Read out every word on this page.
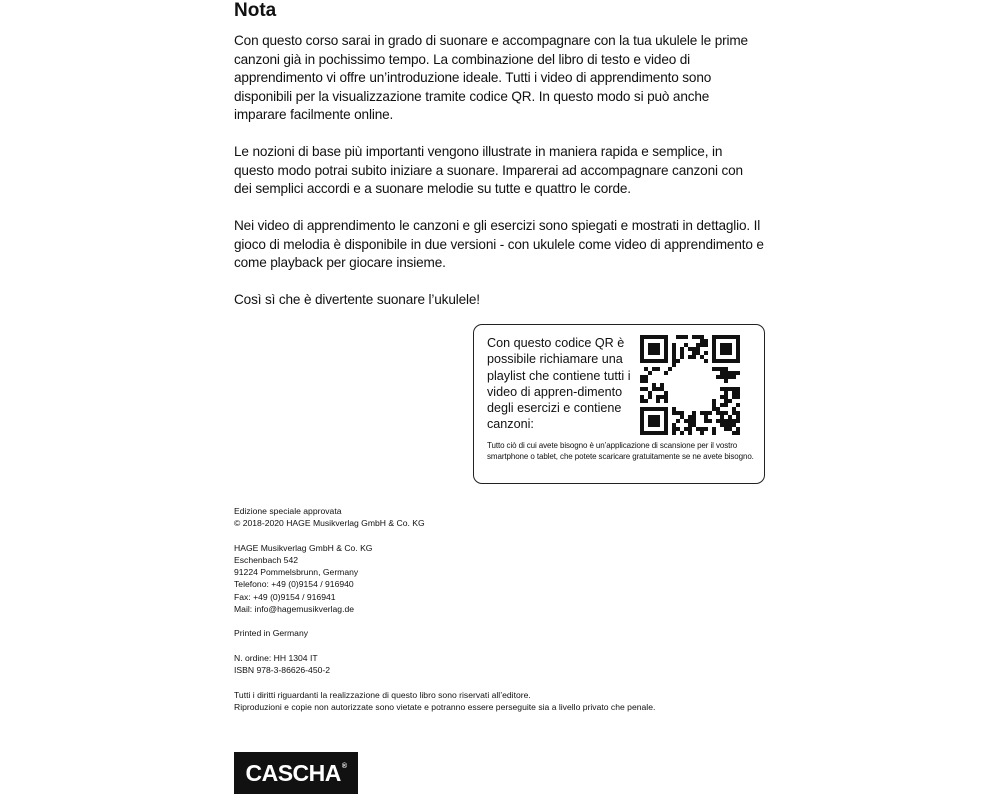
Nota

Con questo corso sarai in grado di suonare e accompagnare con la tua ukulele le prime canzoni già in pochissimo tempo. La combinazione del libro di testo e video di apprendimento vi offre un’introduzione ideale. Tutti i video di apprendimento sono disponibili per la visualizzazione tramite codice QR. In questo modo si può anche imparare facilmente online.

Le nozioni di base più importanti vengono illustrate in maniera rapida e semplice, in questo modo potrai subito iniziare a suonare. Imparerai ad accompagnare canzoni con dei semplici accordi e a suonare melodie su tutte e quattro le corde.

Nei video di apprendimento le canzoni e gli esercizi sono spiegati e mostrati in dettaglio. Il gioco di melodia è disponibile in due versioni - con ukulele come video di apprendimento e come playback per giocare insieme.

Così sì che è divertente suonare l’ukulele!

Con questo codice QR è possibile richiamare una playlist che contiene tutti i video di appren-dimento degli esercizi e contiene canzoni:

Tutto ciò di cui avete bisogno è un’applicazione di scansione per il vostro smartphone o tablet, che potete scaricare gratuitamente se ne avete bisogno.

Edizione speciale approvata
© 2018-2020 HAGE Musikverlag GmbH & Co. KG
HAGE Musikverlag GmbH & Co. KG
Eschenbach 542
91224 Pommelsbrunn, Germany
Telefono: +49 (0)9154 / 916940
Fax: +49 (0)9154 / 916941
Mail: info@hagemusikverlag.de
Printed in Germany
N. ordine: HH 1304 IT
ISBN 978-3-86626-450-2
Tutti i diritti riguardanti la realizzazione di questo libro sono riservati all’editore.
Riproduzioni e copie non autorizzate sono vietate e potranno essere perseguite sia a livello privato che penale.
CASCHA®
